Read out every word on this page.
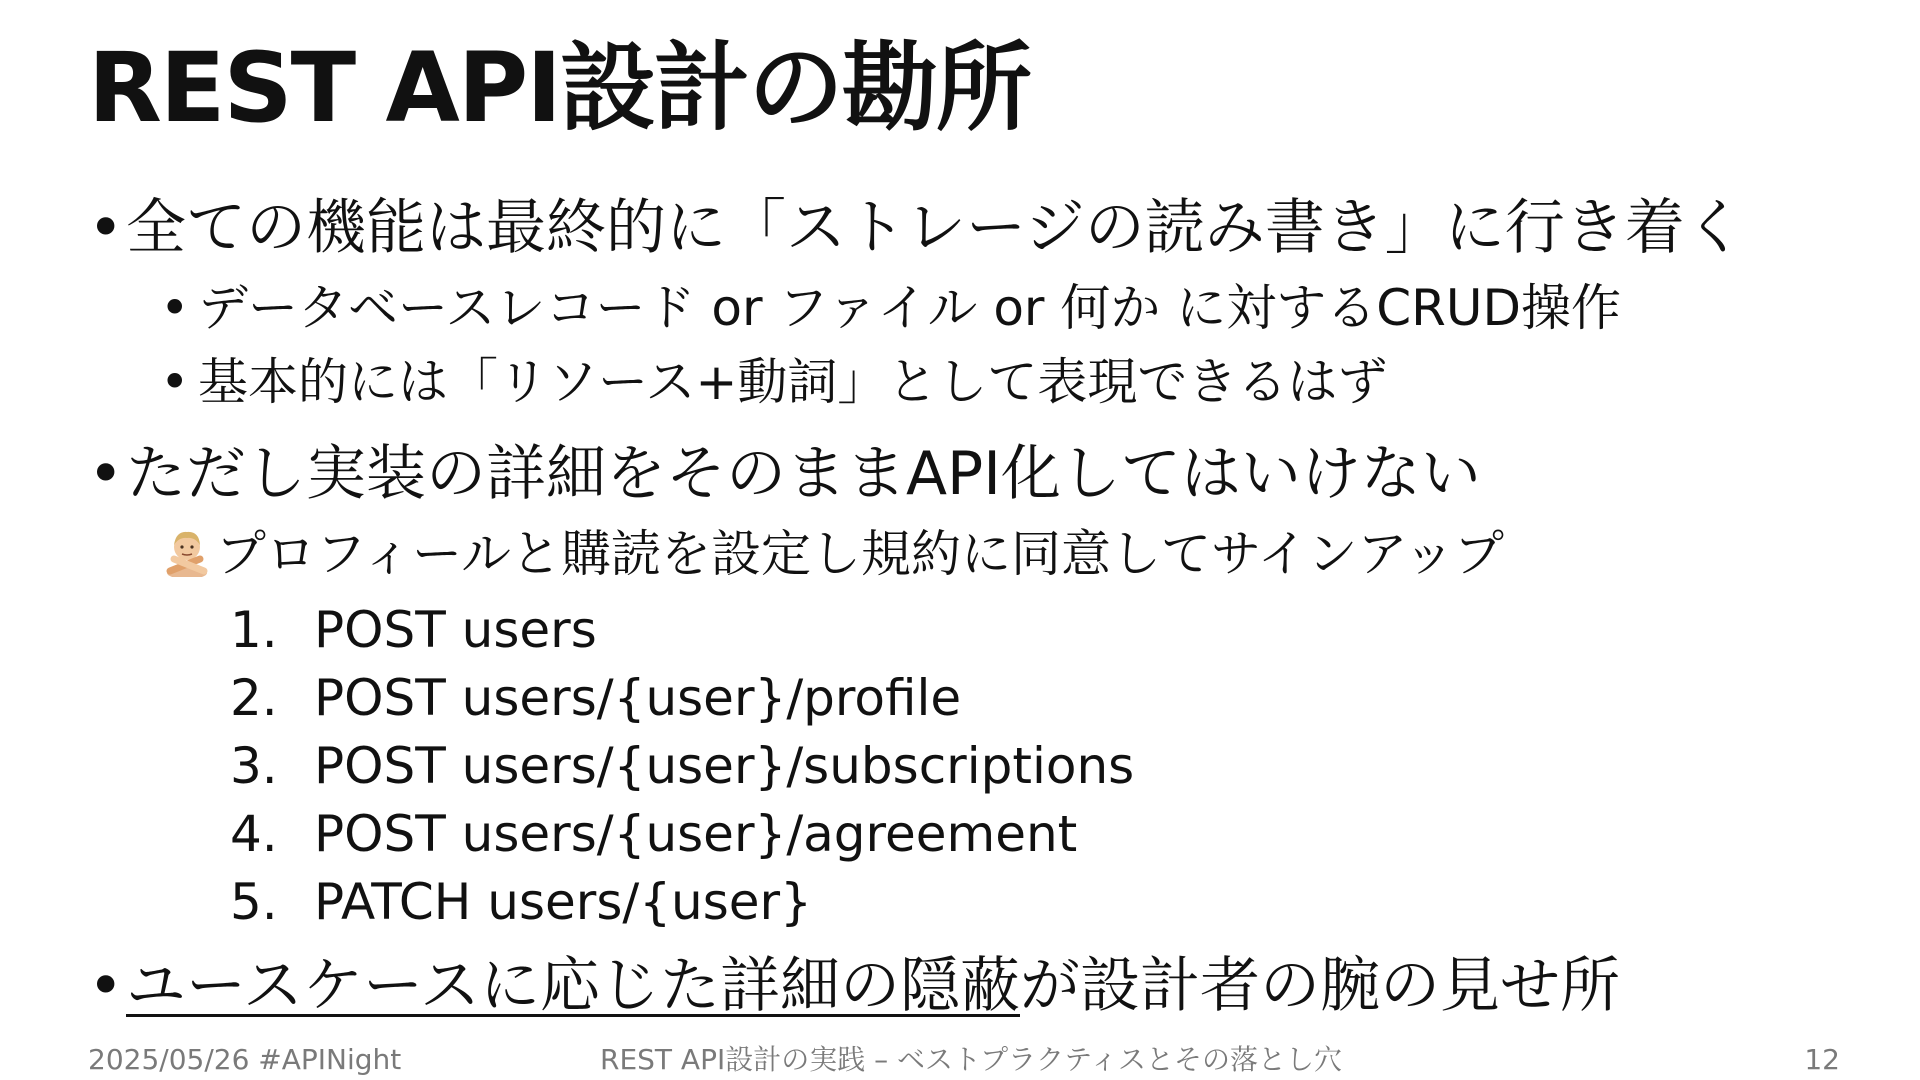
REST API設計の勘所
•全ての機能は最終的に「ストレージの読み書き」に行き着く
• データベースレコード or ファイル or 何か に対するCRUD操作
• 基本的には「リソース+動詞」として表現できるはず
•ただし実装の詳細をそのままAPI化してはいけない
プロフィールと購読を設定し規約に同意してサインアップ
1. POST users
2. POST users/{user}/profile
3. POST users/{user}/subscriptions
4. POST users/{user}/agreement
5. PATCH users/{user}
•ユースケースに応じた詳細の隠蔽が設計者の腕の見せ所
2025/05/26 #APINight	REST API設計の実践 – ベストプラクティスとその落とし穴	12
